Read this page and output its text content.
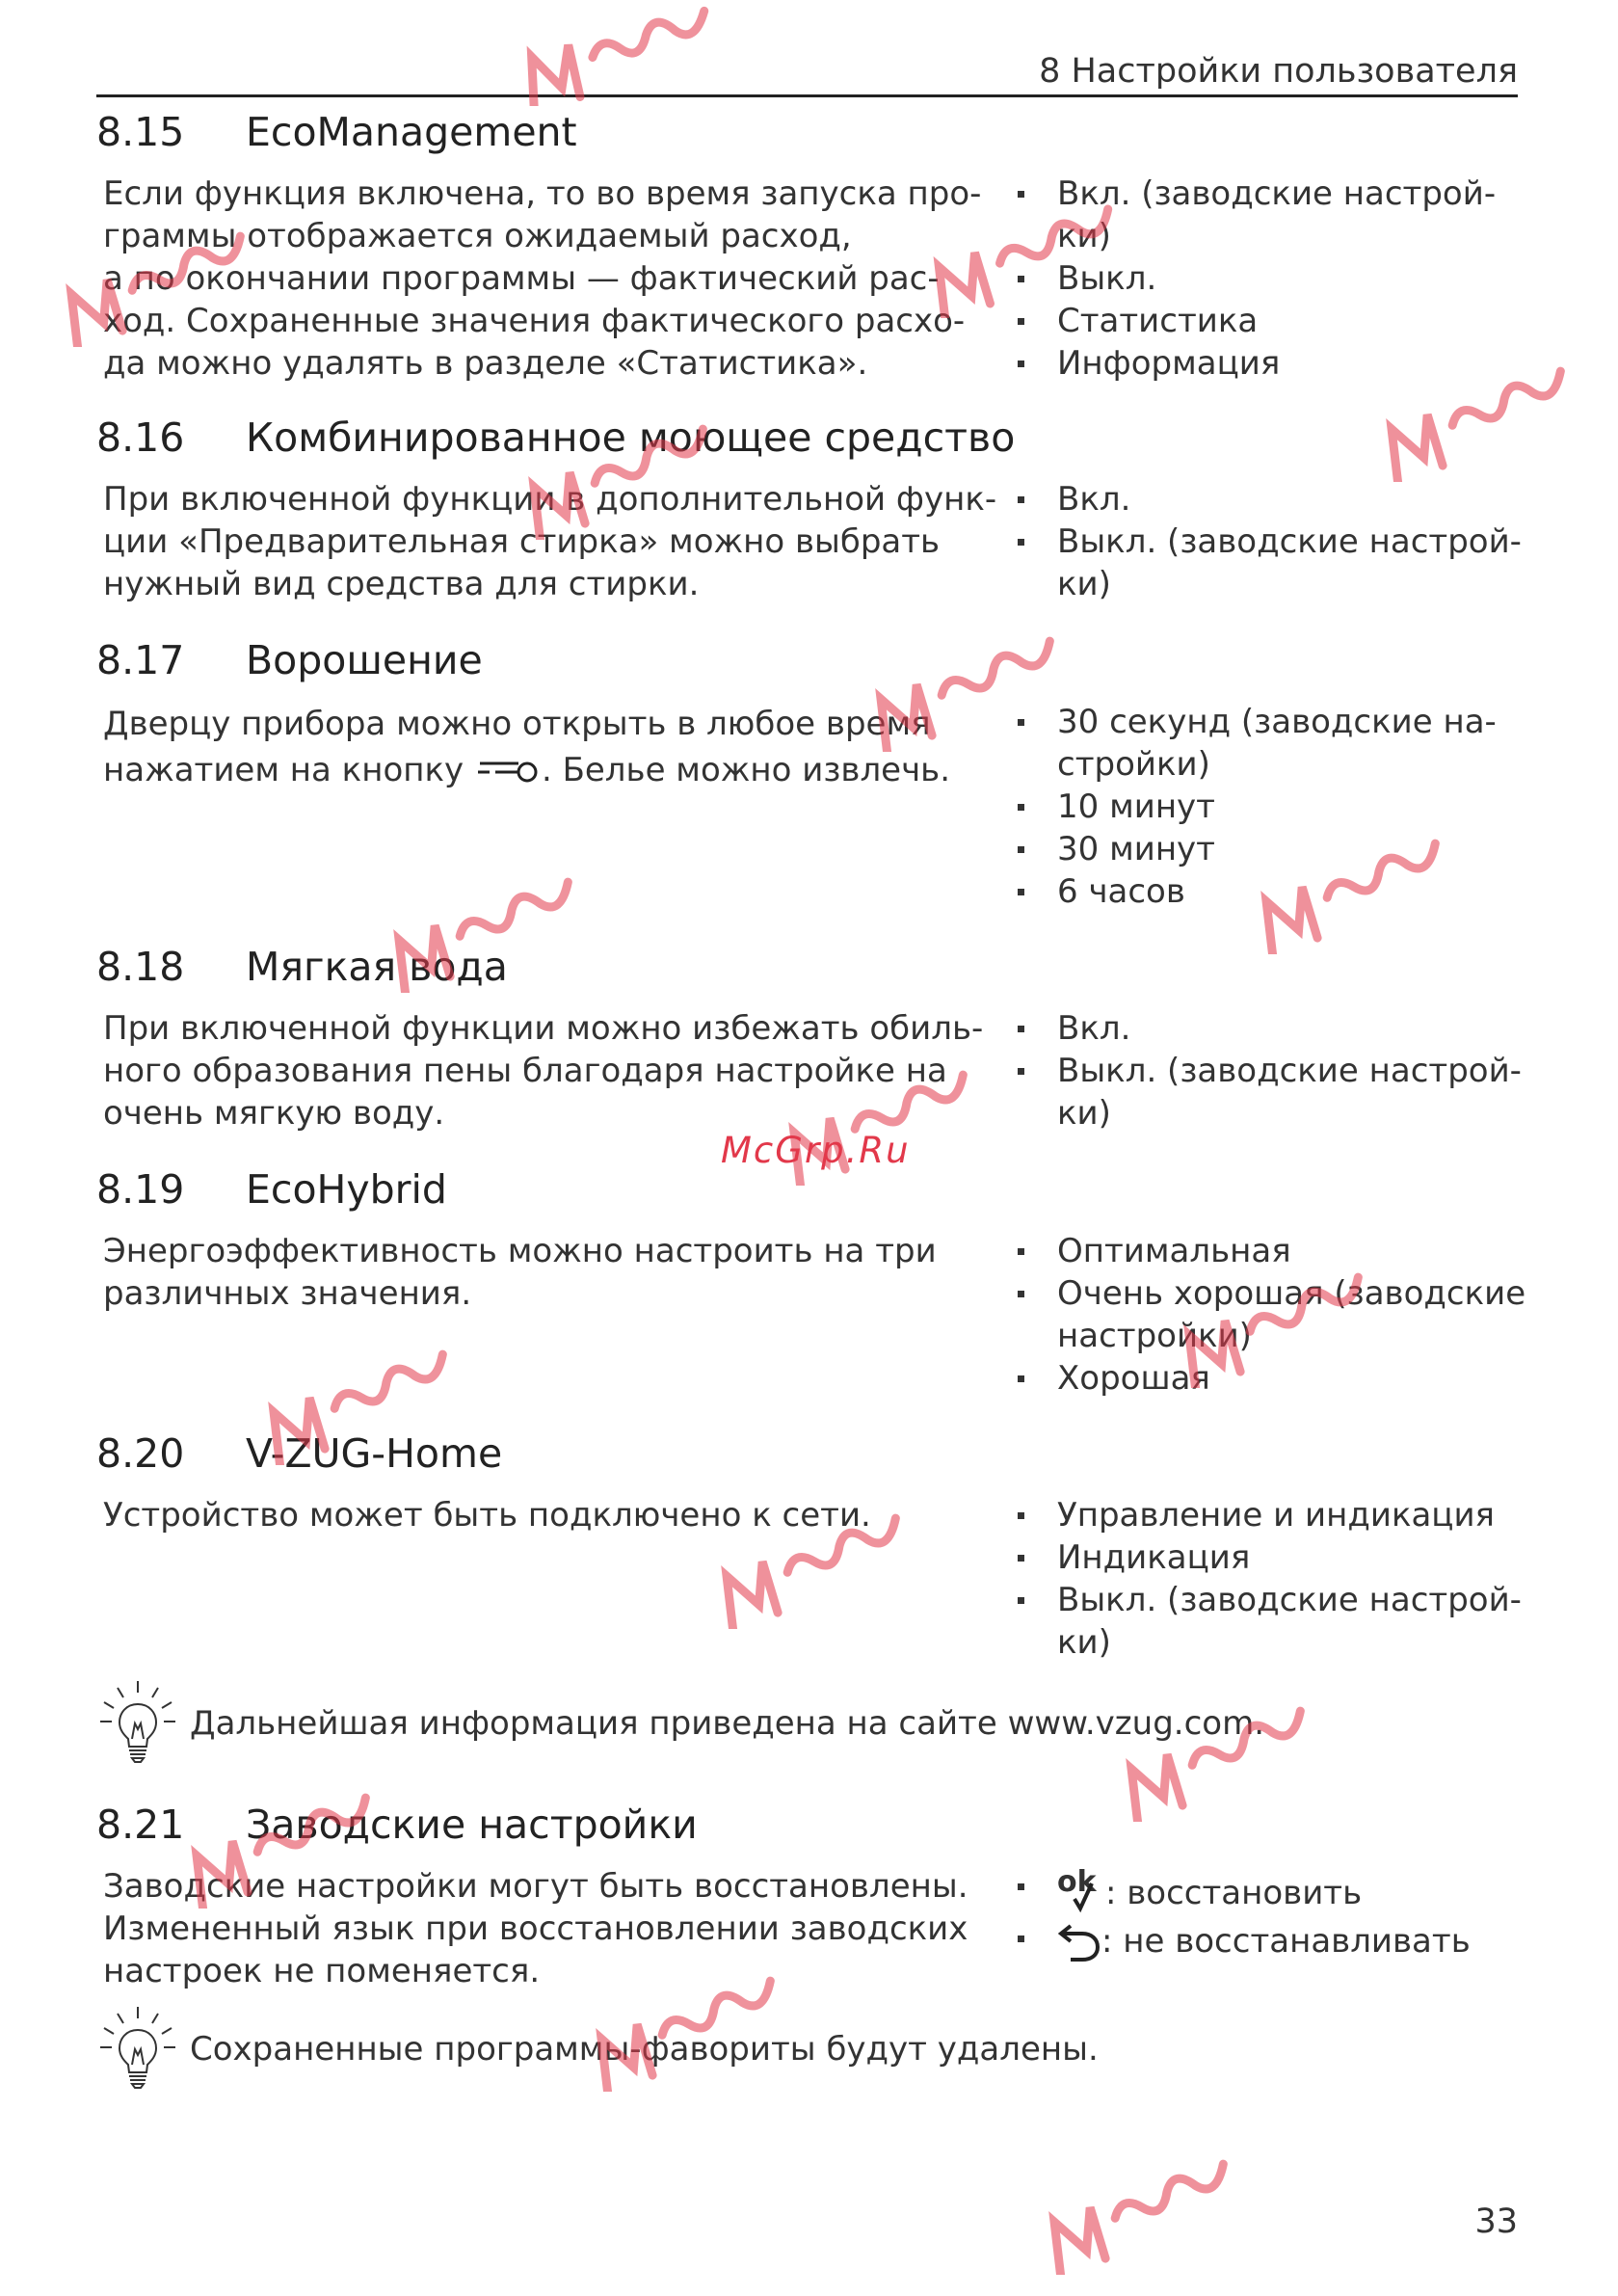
8 Настройки пользователя
8.15 EcoManagement

Если функция включена, то во время запуска про-

граммы отображается ожидаемый расход,

а по окончании программы — фактический рас-

ход. Сохраненные значения фактического расхо-

да можно удалять в разделе «Статистика».

Вкл. (заводские настрой-
ки)
Выкл.
Статистика
Информация
8.16 Комбинированное моющее средство

При включенной функции в дополнительной функ-

ции «Предварительная стирка» можно выбрать

нужный вид средства для стирки.

Вкл.
Выкл. (заводские настрой-
ки)
8.17 Ворошение

Дверцу прибора можно открыть в любое время

нажатием на кнопку . Белье можно извлечь.

30 секунд (заводские на-
стройки)
10 минут
30 минут
6 часов
8.18 Мягкая вода

При включенной функции можно избежать обиль-

ного образования пены благодаря настройке на

очень мягкую воду.

Вкл.
Выкл. (заводские настрой-
ки)
8.19 EcoHybrid

Энергоэффективность можно настроить на три

различных значения.

Оптимальная
Очень хорошая (заводские
настройки)
Хорошая
8.20 V-ZUG-Home

Устройство может быть подключено к сети.	Управление и индикация
Индикация
Выкл. (заводские настрой-
ки)
Дальнейшая информация приведена на сайте www.vzug.com.
8.21 Заводские настройки

Заводские настройки могут быть восстановлены.

Измененный язык при восстановлении заводских

настроек не поменяется.

ok : восстановить
: не восстанавливать
Сохраненные программы-фавориты будут удалены.
33
McGrp.Ru
